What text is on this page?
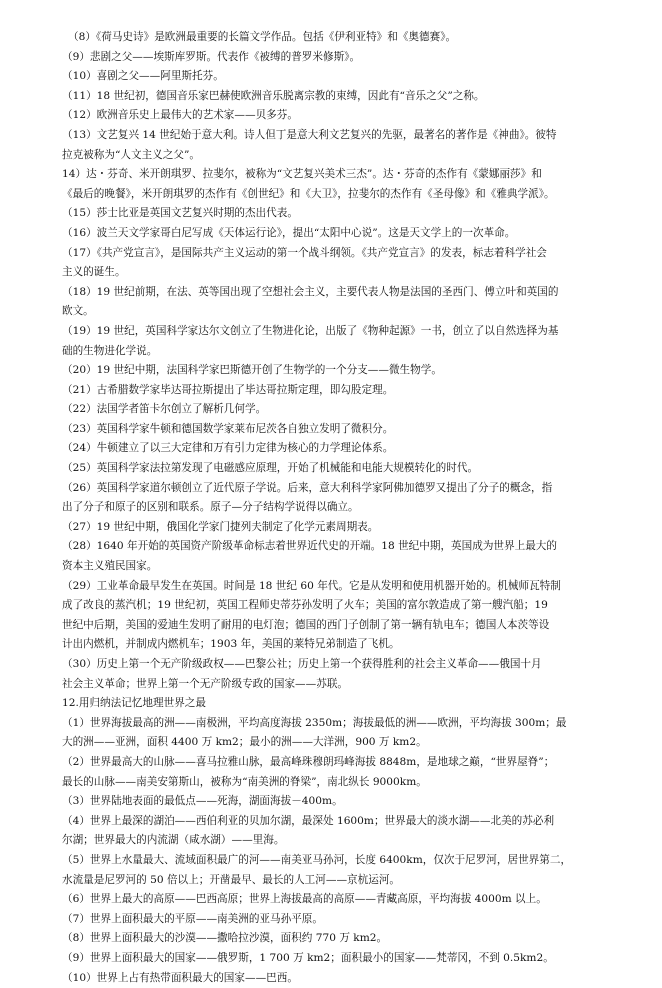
（8）《荷马史诗》是欧洲最重要的长篇文学作品。包括《伊利亚特》和《奥德赛》。
（9）悲剧之父——埃斯库罗斯。代表作《被缚的普罗米修斯》。
（10）喜剧之父——阿里斯托芬。
（11）18 世纪初，德国音乐家巴赫使欧洲音乐脱离宗教的束缚，因此有“音乐之父”之称。
（12）欧洲音乐史上最伟大的艺术家——贝多芬。
（13）文艺复兴 14 世纪始于意大利。诗人但丁是意大利文艺复兴的先驱，最著名的著作是《神曲》。彼特
拉克被称为“人文主义之父”。
14）达・芬奇、米开朗琪罗、拉斐尔，被称为“文艺复兴美术三杰”。达・芬奇的杰作有《蒙娜丽莎》和
《最后的晚餐》，米开朗琪罗的杰作有《创世纪》和《大卫》，拉斐尔的杰作有《圣母像》和《雅典学派》。
（15）莎士比亚是英国文艺复兴时期的杰出代表。
（16）波兰天文学家哥白尼写成《天体运行论》，提出“太阳中心说”。这是天文学上的一次革命。
（17）《共产党宣言》，是国际共产主义运动的第一个战斗纲领。《共产党宣言》的发表，标志着科学社会
主义的诞生。
（18）19 世纪前期，在法、英等国出现了空想社会主义，主要代表人物是法国的圣西门、傅立叶和英国的
欧文。
（19）19 世纪，英国科学家达尔文创立了生物进化论，出版了《物种起源》一书，创立了以自然选择为基
础的生物进化学说。
（20）19 世纪中期，法国科学家巴斯德开创了生物学的一个分支——微生物学。
（21）古希腊数学家毕达哥拉斯提出了毕达哥拉斯定理，即勾股定理。
（22）法国学者笛卡尔创立了解析几何学。
（23）英国科学家牛顿和德国数学家莱布尼茨各自独立发明了微积分。
（24）牛顿建立了以三大定律和万有引力定律为核心的力学理论体系。
（25）英国科学家法拉第发现了电磁感应原理，开始了机械能和电能大规模转化的时代。
（26）英国科学家道尔顿创立了近代原子学说。后来，意大利科学家阿佛加德罗又提出了分子的概念，指
出了分子和原子的区别和联系。原子—分子结构学说得以确立。
（27）19 世纪中期，俄国化学家门捷列夫制定了化学元素周期表。
（28）1640 年开始的英国资产阶级革命标志着世界近代史的开端。18 世纪中期，英国成为世界上最大的
资本主义殖民国家。
（29）工业革命最早发生在英国。时间是 18 世纪 60 年代。它是从发明和使用机器开始的。机械师瓦特制
成了改良的蒸汽机；19 世纪初，英国工程师史蒂芬孙发明了火车；美国的富尔敦造成了第一艘汽船；19
世纪中后期，美国的爱迪生发明了耐用的电灯泡；德国的西门子创制了第一辆有轨电车；德国人本茨等设
计出内燃机，并制成内燃机车；1903 年，美国的莱特兄弟制造了飞机。
（30）历史上第一个无产阶级政权——巴黎公社；历史上第一个获得胜利的社会主义革命——俄国十月
社会主义革命；世界上第一个无产阶级专政的国家——苏联。
12.用归纳法记忆地理世界之最
（1）世界海拔最高的洲——南极洲，平均高度海拔 2350m；海拔最低的洲——欧洲，平均海拔 300m；最
大的洲——亚洲，面积 4400 万 km2；最小的洲——大洋洲，900 万 km2。
（2）世界最高大的山脉——喜马拉雅山脉，最高峰珠穆朗玛峰海拔 8848m，是地球之巅，“世界屋脊”；
最长的山脉——南美安第斯山，被称为“南美洲的脊梁”，南北纵长 9000km。
（3）世界陆地表面的最低点——死海，湖面海拔－400m。
（4）世界上最深的湖泊——西伯利亚的贝加尔湖，最深处 1600m；世界最大的淡水湖——北美的苏必利
尔湖；世界最大的内流湖（咸水湖）——里海。
（5）世界上水量最大、流域面积最广的河——南美亚马孙河，长度 6400km，仅次于尼罗河，居世界第二，
水流量是尼罗河的 50 倍以上；开凿最早、最长的人工河——京杭运河。
（6）世界上最大的高原——巴西高原；世界上海拔最高的高原——青藏高原，平均海拔 4000m 以上。
（7）世界上面积最大的平原——南美洲的亚马孙平原。
（8）世界上面积最大的沙漠——撒哈拉沙漠，面积约 770 万 km2。
（9）世界上面积最大的国家——俄罗斯，1 700 万 km2；面积最小的国家——梵蒂冈，不到 0.5km2。
（10）世界上占有热带面积最大的国家——巴西。
